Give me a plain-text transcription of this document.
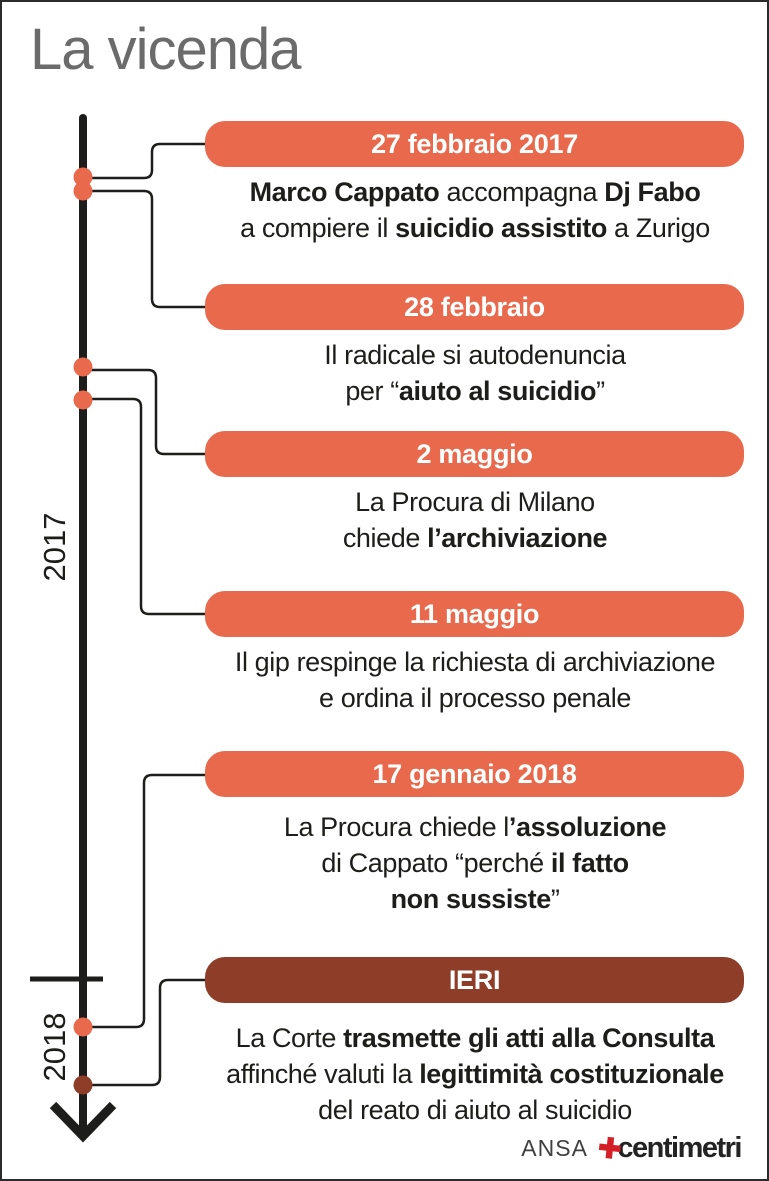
La vicenda
2017
2018
27 febbraio 2017
Marco Cappato accompagna Dj Fabo
a compiere il suicidio assistito a Zurigo
28 febbraio
Il radicale si autodenuncia
per “aiuto al suicidio”
2 maggio
La Procura di Milano
chiede l’archiviazione
11 maggio
Il gip respinge la richiesta di archiviazione
e ordina il processo penale
17 gennaio 2018
La Procura chiede l’assoluzione
di Cappato “perché il fatto
non sussiste”
IERI
La Corte trasmette gli atti alla Consulta
affinché valuti la legittimità costituzionale
del reato di aiuto al suicidio
ANSA ✚
centimetri
